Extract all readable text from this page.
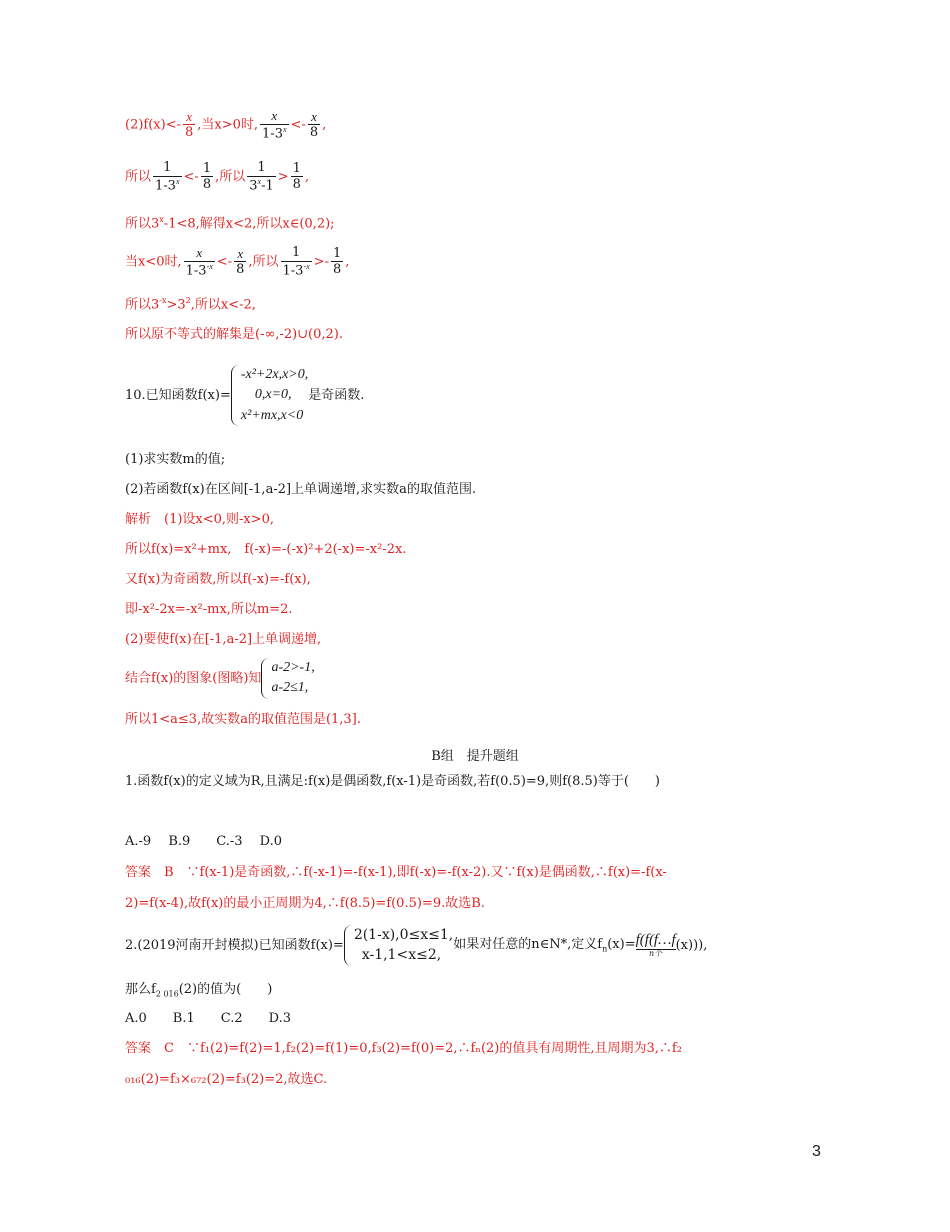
$(2)f(x)<- \frac{x}{8}$ ,当x>0时, $\frac{x}{1-3^x} <- \frac{x}{8}$ ,
所以 $\frac{1}{1-3^x} <- \frac{1}{8}$ ,所以 $\frac{1}{3^x-1} > \frac{1}{8}$ ,
所以$3^x-1<8$,解得x<2,所以x∈(0,2);
当x<0时, $\frac{x}{1-3^{-x}} <- \frac{x}{8}$ ,所以 $\frac{1}{1-3^{-x}} >- \frac{1}{8}$ ,
所以$3^{-x}>3^2$,所以x<-2,
所以原不等式的解集是(-∞,-2)∪(0,2).
10.已知函数f(x)=
-x²+2x,x>0,
0,x=0,
x²+mx,x<0
是奇函数.
(1)求实数m的值;
(2)若函数f(x)在区间[-1,a-2]上单调递增,求实数a的取值范围.
解析　(1)设x<0,则-x>0,
所以f(x)=x²+mx,　f(-x)=-(-x)²+2(-x)=-x²-2x.
又f(x)为奇函数,所以f(-x)=-f(x),
即-x²-2x=-x²-mx,所以m=2.
(2)要使f(x)在[-1,a-2]上单调递增,
结合f(x)的图象(图略)知
a-2>-1,
a-2≤1,
所以1<a≤3,故实数a的取值范围是(1,3].
B组　提升题组
1.函数f(x)的定义域为R,且满足:f(x)是偶函数,f(x-1)是奇函数,若f(0.5)=9,则f(8.5)等于(　　)
A.-9　 B.9　　C.-3　 D.0
答案　B　∵f(x-1)是奇函数,∴f(-x-1)=-f(x-1),即f(-x)=-f(x-2).又∵f(x)是偶函数,∴f(x)=-f(x-
2)=f(x-4),故f(x)的最小正周期为4,∴f(8.5)=f(0.5)=9.故选B.
2.(2019河南开封模拟)已知函数f(x)=
2(1-x),0≤x≤1,
x-1,1<x≤2,
如果对任意的n∈N*,定义$f_n(x)=$ f(f(f…f
n个
(x))),
那么$f_{2 016}(2)$的值为(　　)
A.0　　B.1　　C.2　　D.3
答案　C　∵f₁(2)=f(2)=1,f₂(2)=f(1)=0,f₃(2)=f(0)=2,∴fₙ(2)的值具有周期性,且周期为3,∴f₂
₀₁₆(2)=f₃×₆₇₂(2)=f₃(2)=2,故选C.
3
